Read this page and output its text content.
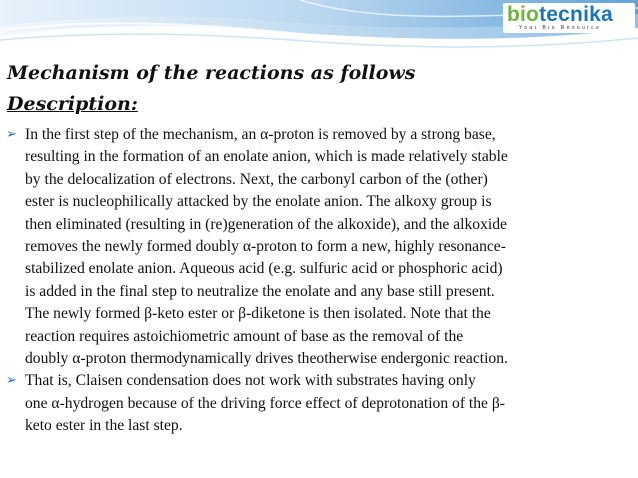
biotecnika
Your Bio Resource
Mechanism of the reactions as follows
Description:
➢ In the first step of the mechanism, an α-proton is removed by a strong base,
resulting in the formation of an enolate anion, which is made relatively stable
by the delocalization of electrons. Next, the carbonyl carbon of the (other)
ester is nucleophilically attacked by the enolate anion. The alkoxy group is
then eliminated (resulting in (re)generation of the alkoxide), and the alkoxide
removes the newly formed doubly α-proton to form a new, highly resonance-
stabilized enolate anion. Aqueous acid (e.g. sulfuric acid or phosphoric acid)
is added in the final step to neutralize the enolate and any base still present.
The newly formed β-keto ester or β-diketone is then isolated. Note that the
reaction requires astoichiometric amount of base as the removal of the
doubly α-proton thermodynamically drives theotherwise endergonic reaction.
➢ That is, Claisen condensation does not work with substrates having only
one α-hydrogen because of the driving force effect of deprotonation of the β-
keto ester in the last step.
